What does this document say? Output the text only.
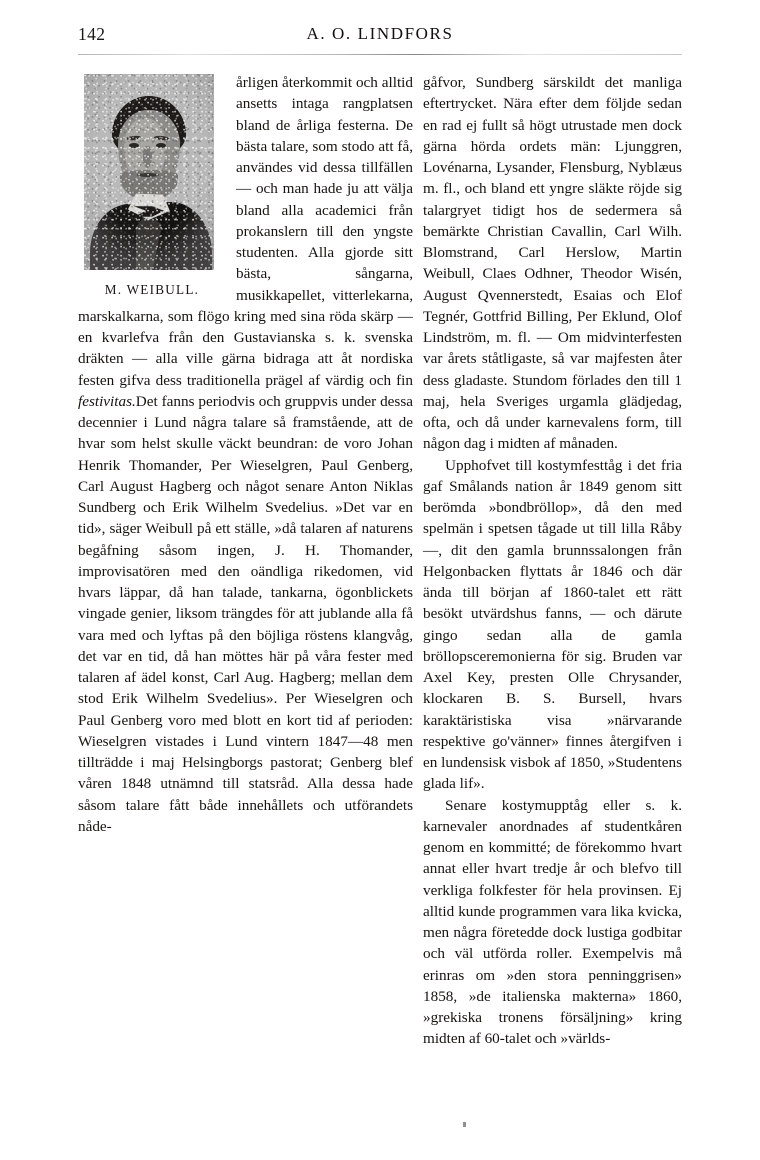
142	A. O. LINDFORS
M. WEIBULL.

årligen återkommit och alltid ansetts intaga rangplatsen bland de årliga festerna. De bästa talare, som stodo att få, användes vid dessa tillfällen — och man hade ju att välja bland alla academici från prokanslern till den yngste studenten. Alla gjorde sitt bästa, sångarna, musikkapellet, vitterlekarna, marskalkarna, som flögo kring med sina röda skärp — en kvarlefva från den Gustavianska s. k. svenska dräkten — alla ville gärna bidraga att åt nordiska festen gifva dess traditionella prägel af värdig och fin festivitas.Det fanns periodvis och gruppvis under dessa decennier i Lund några talare så framstående, att de hvar som helst skulle väckt beundran: de voro Johan Henrik Thomander, Per Wieselgren, Paul Genberg, Carl August Hagberg och något senare Anton Niklas Sundberg och Erik Wilhelm Svedelius. »Det var en tid», säger Weibull på ett ställe, »då talaren af naturens begåfning såsom ingen, J. H. Thomander, improvisatören med den oändliga rikedomen, vid hvars läppar, då han talade, tankarna, ögonblickets vingade genier, liksom trängdes för att jublande alla få vara med och lyftas på den böjliga röstens klangvåg, det var en tid, då han möttes här på våra fester med talaren af ädel konst, Carl Aug. Hagberg; mellan dem stod Erik Wilhelm Svedelius». Per Wieselgren och Paul Genberg voro med blott en kort tid af perioden: Wieselgren vistades i Lund vintern 1847—48 men tillträdde i maj Helsingborgs pastorat; Genberg blef våren 1848 utnämnd till statsråd. Alla dessa hade såsom talare fått både innehållets och utförandets nåde-

gåfvor, Sundberg särskildt det manliga eftertrycket. Nära efter dem följde sedan en rad ej fullt så högt utrustade men dock gärna hörda ordets män: Ljunggren, Lovénarna, Lysander, Flensburg, Nyblæus m. fl., och bland ett yngre släkte röjde sig talargryet tidigt hos de sedermera så bemärkte Christian Cavallin, Carl Wilh. Blomstrand, Carl Herslow, Martin Weibull, Claes Odhner, Theodor Wisén, August Qvennerstedt, Esaias och Elof Tegnér, Gottfrid Billing, Per Eklund, Olof Lindström, m. fl. — Om midvinterfesten var årets ståtligaste, så var majfesten åter dess gladaste. Stundom förlades den till 1 maj, hela Sveriges urgamla glädjedag, ofta, och då under karnevalens form, till någon dag i midten af månaden.

Upphofvet till kostymfesttåg i det fria gaf Smålands nation år 1849 genom sitt berömda »bondbröllop», då den med spelmän i spetsen tågade ut till lilla Råby —, dit den gamla brunnssalongen från Helgonbacken flyttats år 1846 och där ända till början af 1860-talet ett rätt besökt utvärdshus fanns, — och därute gingo sedan alla de gamla bröllopsceremonierna för sig. Bruden var Axel Key, presten Olle Chrysander, klockaren B. S. Bursell, hvars karaktäristiska visa »närvarande respektive go'vänner» finnes återgifven i en lundensisk visbok af 1850, »Studentens glada lif».

Senare kostymupptåg eller s. k. karnevaler anordnades af studentkåren genom en kommitté; de förekommo hvart annat eller hvart tredje år och blefvo till verkliga folkfester för hela provinsen. Ej alltid kunde programmen vara lika kvicka, men några företedde dock lustiga godbitar och väl utförda roller. Exempelvis må erinras om »den stora penninggrisen» 1858, »de italienska makterna» 1860, »grekiska tronens försäljning» kring midten af 60-talet och »världs-
